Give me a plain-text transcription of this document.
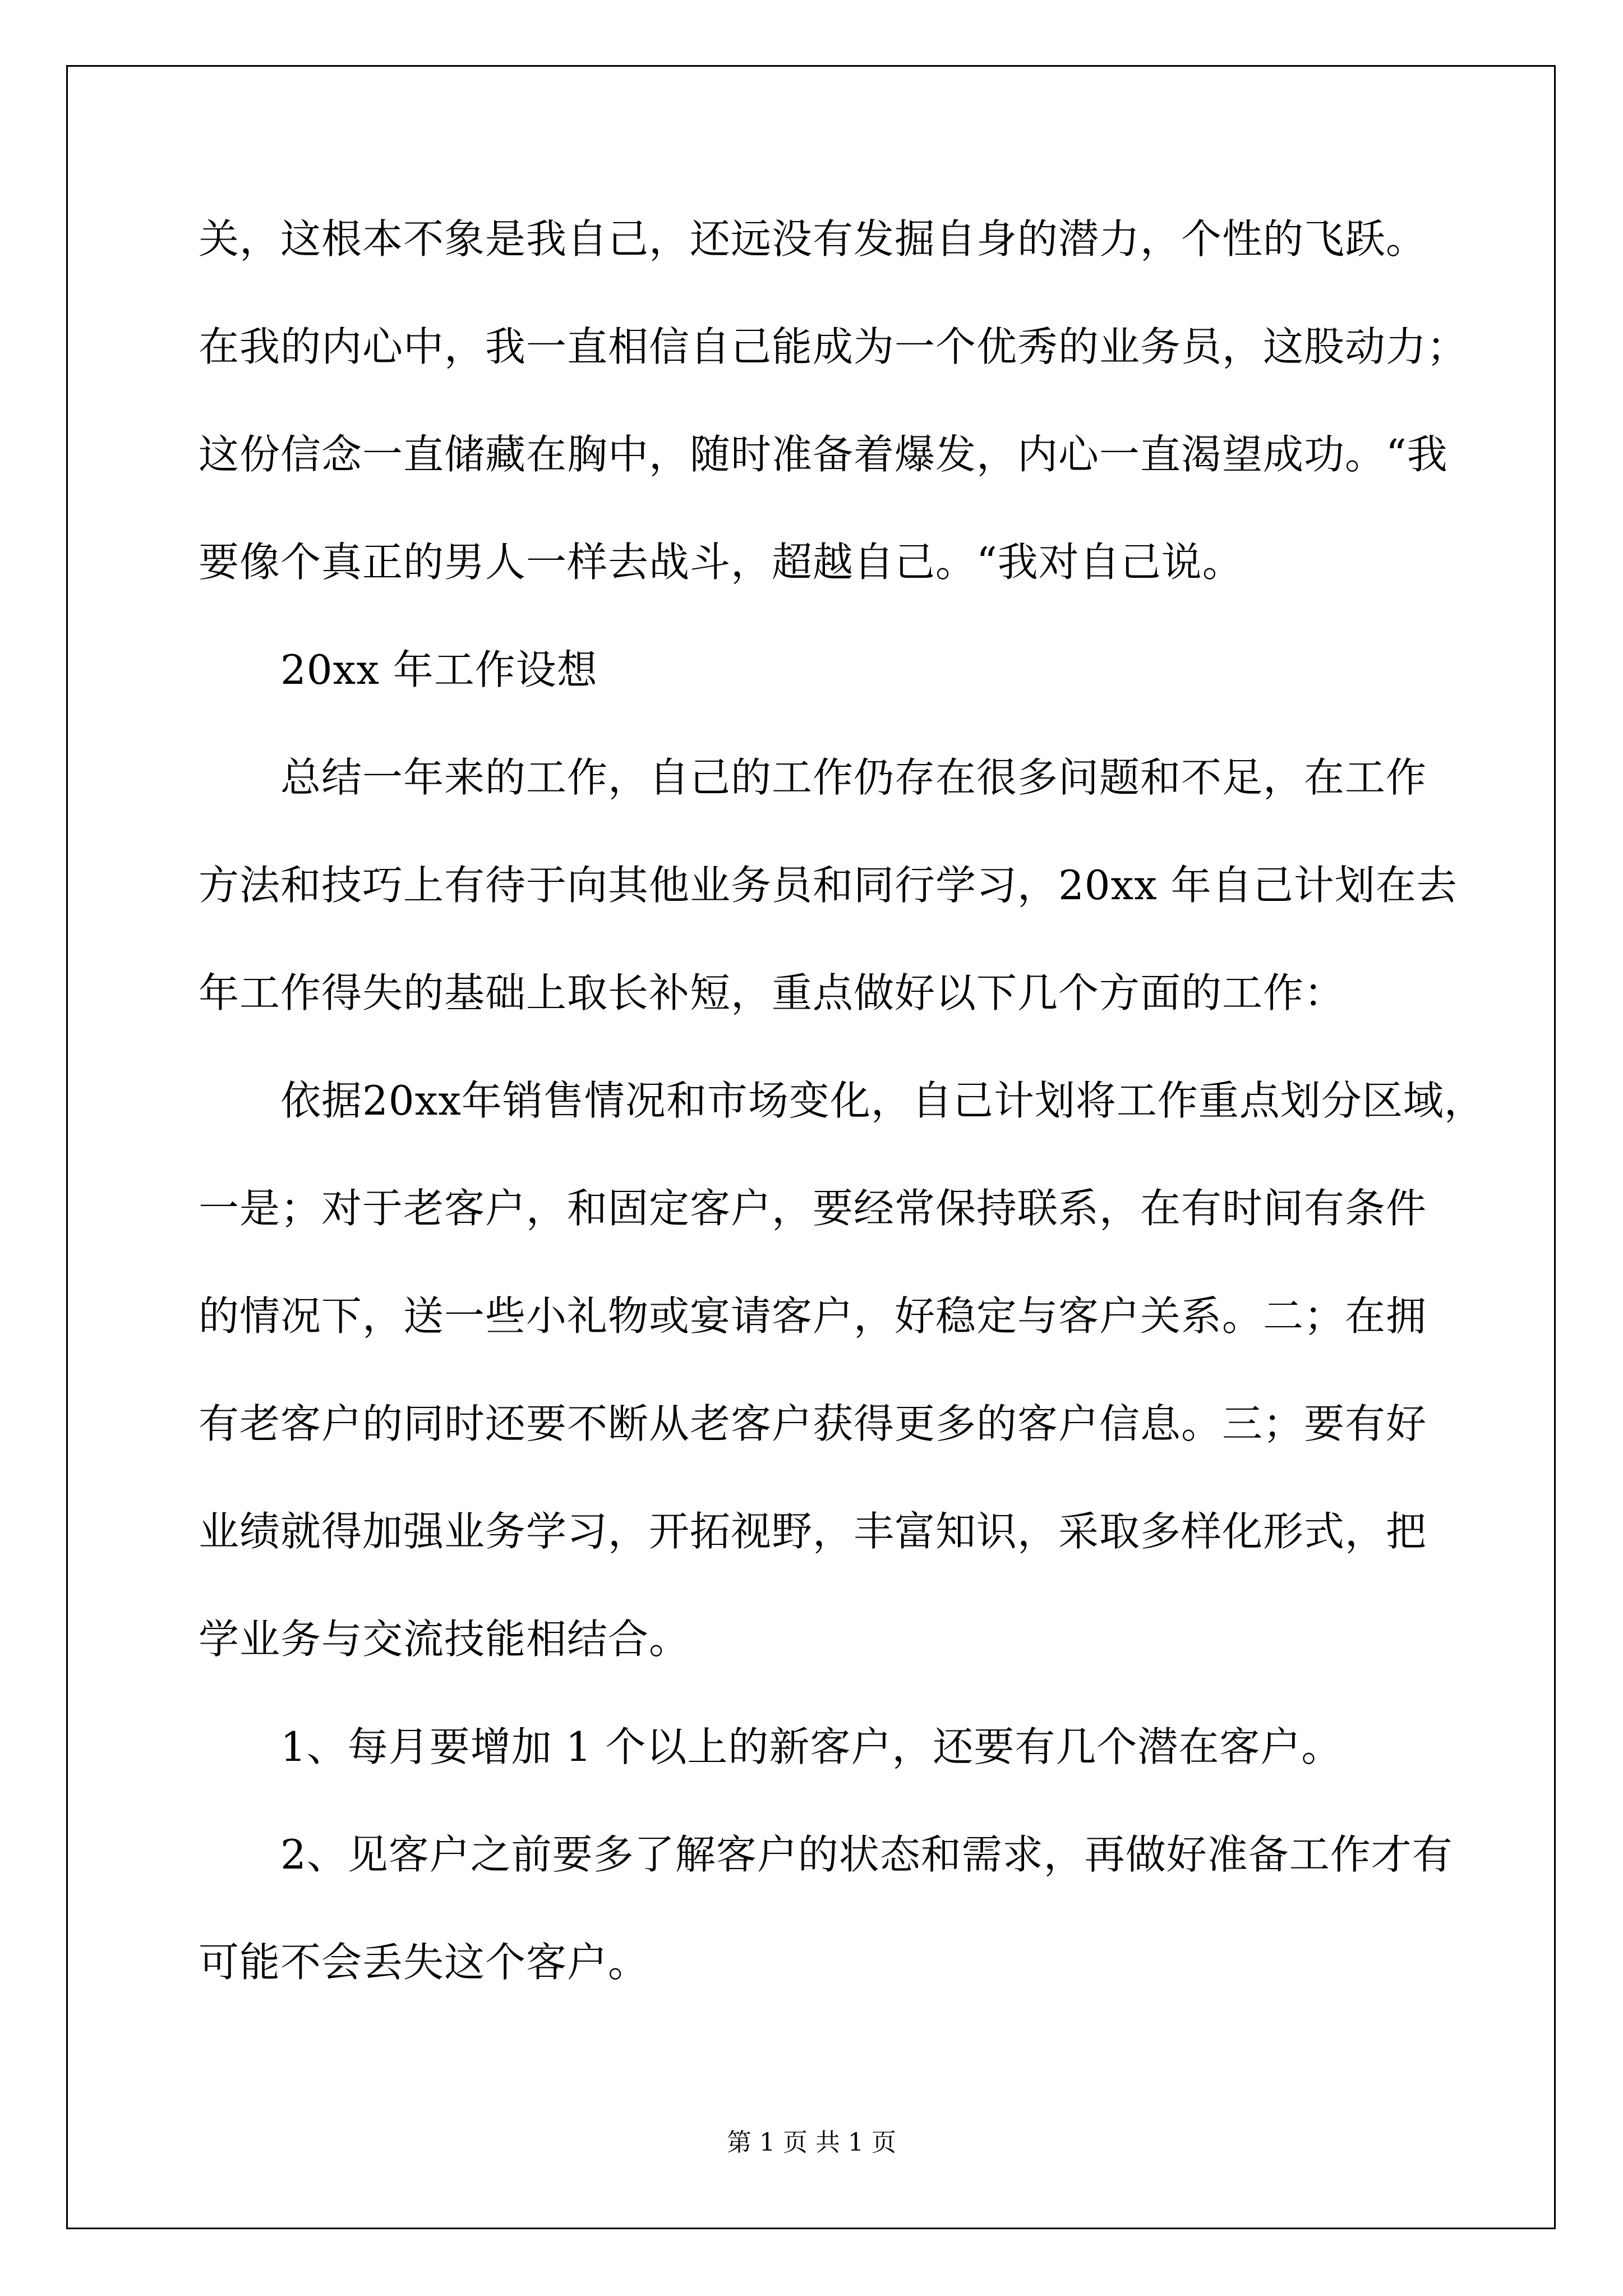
关，这根本不象是我自己，还远没有发掘自身的潜力，个性的飞跃。
在我的内心中，我一直相信自己能成为一个优秀的业务员，这股动力；
这份信念一直储藏在胸中，随时准备着爆发，内心一直渴望成功。“我
要像个真正的男人一样去战斗，超越自己。“我对自己说。
20xx 年工作设想
总结一年来的工作，自己的工作仍存在很多问题和不足，在工作
方法和技巧上有待于向其他业务员和同行学习，20xx 年自己计划在去
年工作得失的基础上取长补短，重点做好以下几个方面的工作：
依据20xx年销售情况和市场变化，自己计划将工作重点划分区域，
一是；对于老客户，和固定客户，要经常保持联系，在有时间有条件
的情况下，送一些小礼物或宴请客户，好稳定与客户关系。二；在拥
有老客户的同时还要不断从老客户获得更多的客户信息。三；要有好
业绩就得加强业务学习，开拓视野，丰富知识，采取多样化形式，把
学业务与交流技能相结合。
1、每月要增加 1 个以上的新客户，还要有几个潜在客户。
2、见客户之前要多了解客户的状态和需求，再做好准备工作才有
可能不会丢失这个客户。
第 1 页 共 1 页
